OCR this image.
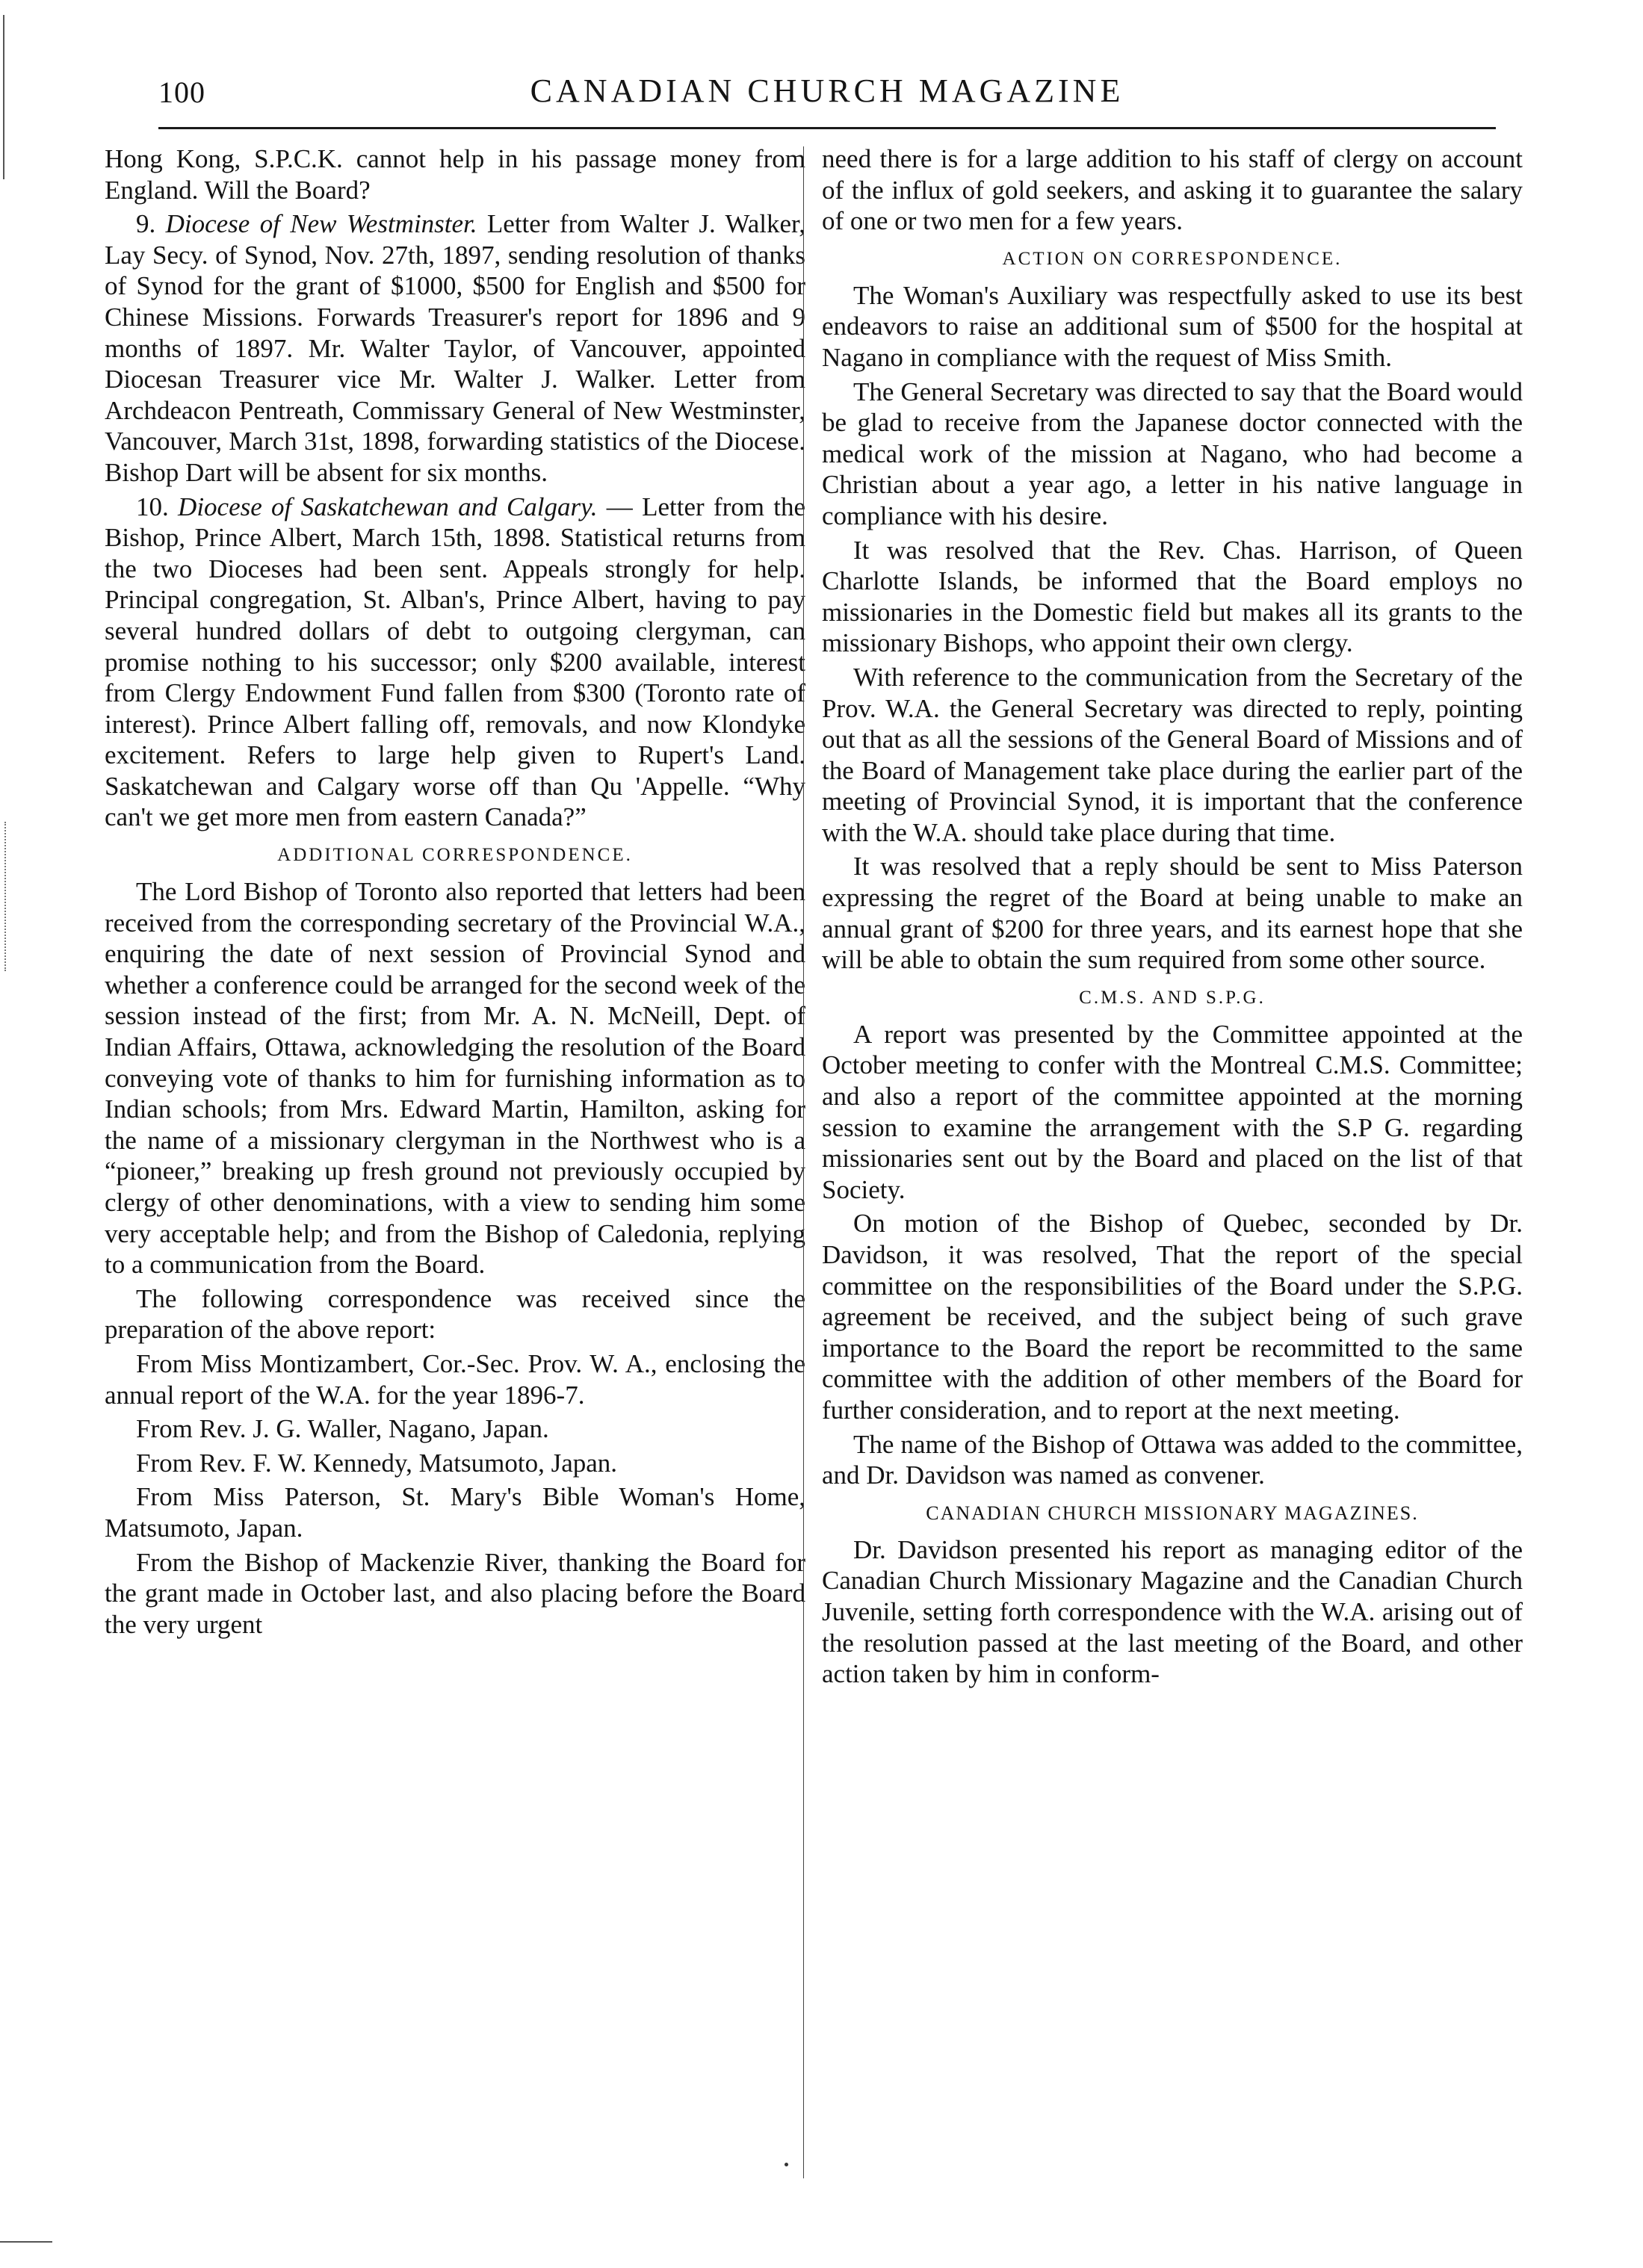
100	CANADIAN CHURCH MAGAZINE

Hong Kong, S.P.C.K. cannot help in his passage money from England. Will the Board?

9. Diocese of New Westminster. Letter from Walter J. Walker, Lay Secy. of Synod, Nov. 27th, 1897, sending resolution of thanks of Synod for the grant of $1000, $500 for English and $500 for Chinese Missions. Forwards Treasurer's report for 1896 and 9 months of 1897. Mr. Walter Taylor, of Vancouver, appointed Diocesan Treasurer vice Mr. Walter J. Walker. Letter from Archdeacon Pentreath, Commissary General of New Westminster, Vancouver, March 31st, 1898, forwarding statistics of the Diocese. Bishop Dart will be absent for six months.

10. Diocese of Saskatchewan and Calgary. — Letter from the Bishop, Prince Albert, March 15th, 1898. Statistical returns from the two Dioceses had been sent. Appeals strongly for help. Principal congregation, St. Alban's, Prince Albert, having to pay several hundred dollars of debt to outgoing clergyman, can promise nothing to his successor; only $200 available, interest from Clergy Endowment Fund fallen from $300 (Toronto rate of interest). Prince Albert falling off, removals, and now Klondyke excitement. Refers to large help given to Rupert's Land. Saskatchewan and Calgary worse off than Qu 'Appelle. “Why can't we get more men from eastern Canada?”

ADDITIONAL CORRESPONDENCE.

The Lord Bishop of Toronto also reported that letters had been received from the corresponding secretary of the Provincial W.A., enquiring the date of next session of Provincial Synod and whether a conference could be arranged for the second week of the session instead of the first; from Mr. A. N. McNeill, Dept. of Indian Affairs, Ottawa, acknowledging the resolution of the Board conveying vote of thanks to him for furnishing information as to Indian schools; from Mrs. Edward Martin, Hamilton, asking for the name of a missionary clergyman in the Northwest who is a “pioneer,” breaking up fresh ground not previously occupied by clergy of other denominations, with a view to sending him some very acceptable help; and from the Bishop of Caledonia, replying to a communication from the Board.

The following correspondence was received since the preparation of the above report:

From Miss Montizambert, Cor.-Sec. Prov. W. A., enclosing the annual report of the W.A. for the year 1896-7.

From Rev. J. G. Waller, Nagano, Japan.

From Rev. F. W. Kennedy, Matsumoto, Japan.

From Miss Paterson, St. Mary's Bible Woman's Home, Matsumoto, Japan.

From the Bishop of Mackenzie River, thanking the Board for the grant made in October last, and also placing before the Board the very urgent

need there is for a large addition to his staff of clergy on account of the influx of gold seekers, and asking it to guarantee the salary of one or two men for a few years.

ACTION ON CORRESPONDENCE.

The Woman's Auxiliary was respectfully asked to use its best endeavors to raise an additional sum of $500 for the hospital at Nagano in compliance with the request of Miss Smith.

The General Secretary was directed to say that the Board would be glad to receive from the Japanese doctor connected with the medical work of the mission at Nagano, who had become a Christian about a year ago, a letter in his native language in compliance with his desire.

It was resolved that the Rev. Chas. Harrison, of Queen Charlotte Islands, be informed that the Board employs no missionaries in the Domestic field but makes all its grants to the missionary Bishops, who appoint their own clergy.

With reference to the communication from the Secretary of the Prov. W.A. the General Secretary was directed to reply, pointing out that as all the sessions of the General Board of Missions and of the Board of Management take place during the earlier part of the meeting of Provincial Synod, it is important that the conference with the W.A. should take place during that time.

It was resolved that a reply should be sent to Miss Paterson expressing the regret of the Board at being unable to make an annual grant of $200 for three years, and its earnest hope that she will be able to obtain the sum required from some other source.

C.M.S. AND S.P.G.

A report was presented by the Committee appointed at the October meeting to confer with the Montreal C.M.S. Committee; and also a report of the committee appointed at the morning session to examine the arrangement with the S.P G. regarding missionaries sent out by the Board and placed on the list of that Society.

On motion of the Bishop of Quebec, seconded by Dr. Davidson, it was resolved, That the report of the special committee on the responsibilities of the Board under the S.P.G. agreement be received, and the subject being of such grave importance to the Board the report be recommitted to the same committee with the addition of other members of the Board for further consideration, and to report at the next meeting.

The name of the Bishop of Ottawa was added to the committee, and Dr. Davidson was named as convener.

CANADIAN CHURCH MISSIONARY MAGAZINES.

Dr. Davidson presented his report as managing editor of the Canadian Church Missionary Magazine and the Canadian Church Juvenile, setting forth correspondence with the W.A. arising out of the resolution passed at the last meeting of the Board, and other action taken by him in conform-
